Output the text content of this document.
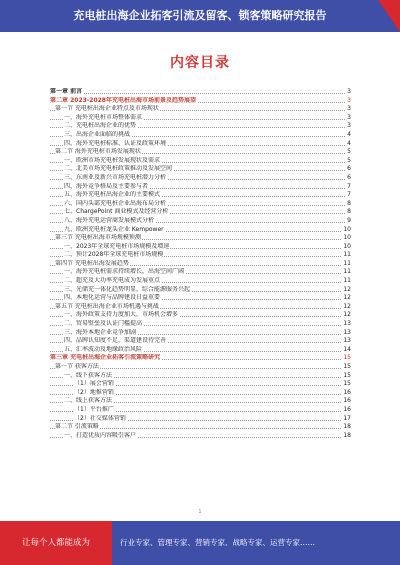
充电桩出海企业拓客引流及留客、锁客策略研究报告
内容目录
第一章 前言	3
第二章 2023-2028年充电桩出海市场前景及趋势展望	3
第一节 充电桩出海企业特点及市场现状	3
一、海外充电桩市场整体需求	3
二、充电桩出海企业的优势	3
三、出海企业面临的挑战	4
四、海外充电桩标准、认证及政策环境	4
第二节 海外充电桩市场发展现状	5
一、欧洲市场充电桩发展现状及需求	5
二、北美市场充电桩政策推动及发展空间	6
三、东南亚及新兴市场充电桩潜力分析	6
四、海外竞争格局及主要参与者	7
五、海外充电桩出海企业的主要模式	7
六、国内头部充电桩企业出海布局分析	8
七、ChargePoint 商业模式及经营分析	8
八、海外充电运营商发展模式分析	9
九、欧洲充电桩龙头企业 Kempower	10
第三节 充电桩出海市场规模预测	10
一、2023年全球充电桩市场规模及增速	10
二、预计2028年全球充电桩市场规模	11
第四节 充电桩出海发展趋势	11
一、海外充电桩需求持续增长，出海空间广阔	11
二、超充及大功率充电成为发展重点	11
三、光储充一体化趋势明显，综合能源服务兴起	12
四、本地化运营与品牌建设日益重要	12
第五节 充电桩出海企业市场机遇与挑战	12
一、海外政策支持力度加大，市场机会增多	12
二、贸易壁垒及认证门槛提高	13
三、海外本地企业竞争加剧	13
四、品牌认知度不足，渠道建设待完善	13
五、汇率波动及地缘政治风险	14
第三章 充电桩出海企业拓客引流策略研究	15
第一节 获客方法	15
一、线下获客方法	15
（1）展会营销	15
（2）地推营销	16
二、线上获客方法	16
（1）平台推广	16
（2）社交媒体营销	17
第二节 引流策略	18
一、打造优质内容吸引客户	18
1
让每个人都能成为	行业专家、管理专家、营销专家、战略专家、运营专家……
